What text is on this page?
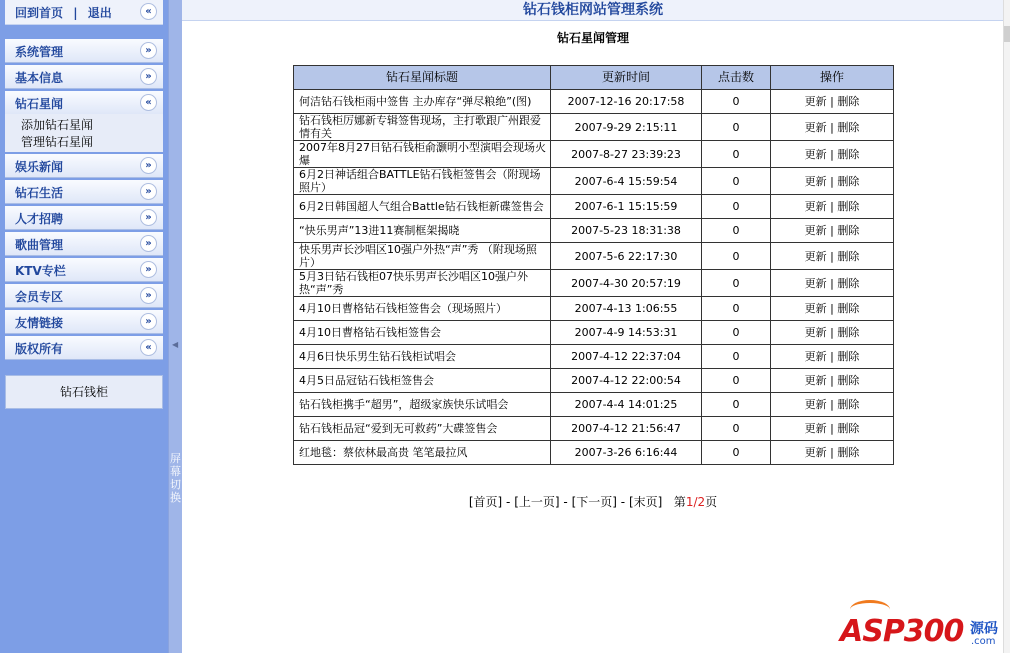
回到首页 | 退出	«
系统管理	»
基本信息	»
钻石星闻	«
添加钻石星闻
管理钻石星闻
娱乐新闻	»
钻石生活	»
人才招聘	»
歌曲管理	»
KTV专栏	»
会员专区	»
友情链接	»
版权所有	«
钻石钱柜
◀
屏幕切换
钻石钱柜网站管理系统
钻石星闻管理
钻石星闻标题	更新时间	点击数	操作
何洁钻石钱柜雨中签售 主办库存“弹尽粮绝”(图)	2007-12-16 20:17:58	0	更新 | 删除
钻石钱柜厉娜新专辑签售现场，主打歌跟广州跟爱情有关	2007-9-29 2:15:11	0	更新 | 删除
2007年8月27日钻石钱柜俞灏明小型演唱会现场火爆	2007-8-27 23:39:23	0	更新 | 删除
6月2日神话组合BATTLE钻石钱柜签售会（附现场照片）	2007-6-4 15:59:54	0	更新 | 删除
6月2日韩国超人气组合Battle钻石钱柜新碟签售会	2007-6-1 15:15:59	0	更新 | 删除
“快乐男声”13进11赛制框架揭晓	2007-5-23 18:31:38	0	更新 | 删除
快乐男声长沙唱区10强户外热“声”秀 （附现场照片）	2007-5-6 22:17:30	0	更新 | 删除
5月3日钻石钱柜07快乐男声长沙唱区10强户外热“声”秀	2007-4-30 20:57:19	0	更新 | 删除
4月10日曹格钻石钱柜签售会（现场照片）	2007-4-13 1:06:55	0	更新 | 删除
4月10日曹格钻石钱柜签售会	2007-4-9 14:53:31	0	更新 | 删除
4月6日快乐男生钻石钱柜试唱会	2007-4-12 22:37:04	0	更新 | 删除
4月5日品冠钻石钱柜签售会	2007-4-12 22:00:54	0	更新 | 删除
钻石钱柜携手“超男”，超级家族快乐试唱会	2007-4-4 14:01:25	0	更新 | 删除
钻石钱柜品冠“爱到无可救药”大碟签售会	2007-4-12 21:56:47	0	更新 | 删除
红地毯：蔡依林最高贵 笔笔最拉风	2007-3-26 6:16:44	0	更新 | 删除
[首页] - [上一页] - [下一页] - [末页] 第1/2页
ASP300 源码
.com
